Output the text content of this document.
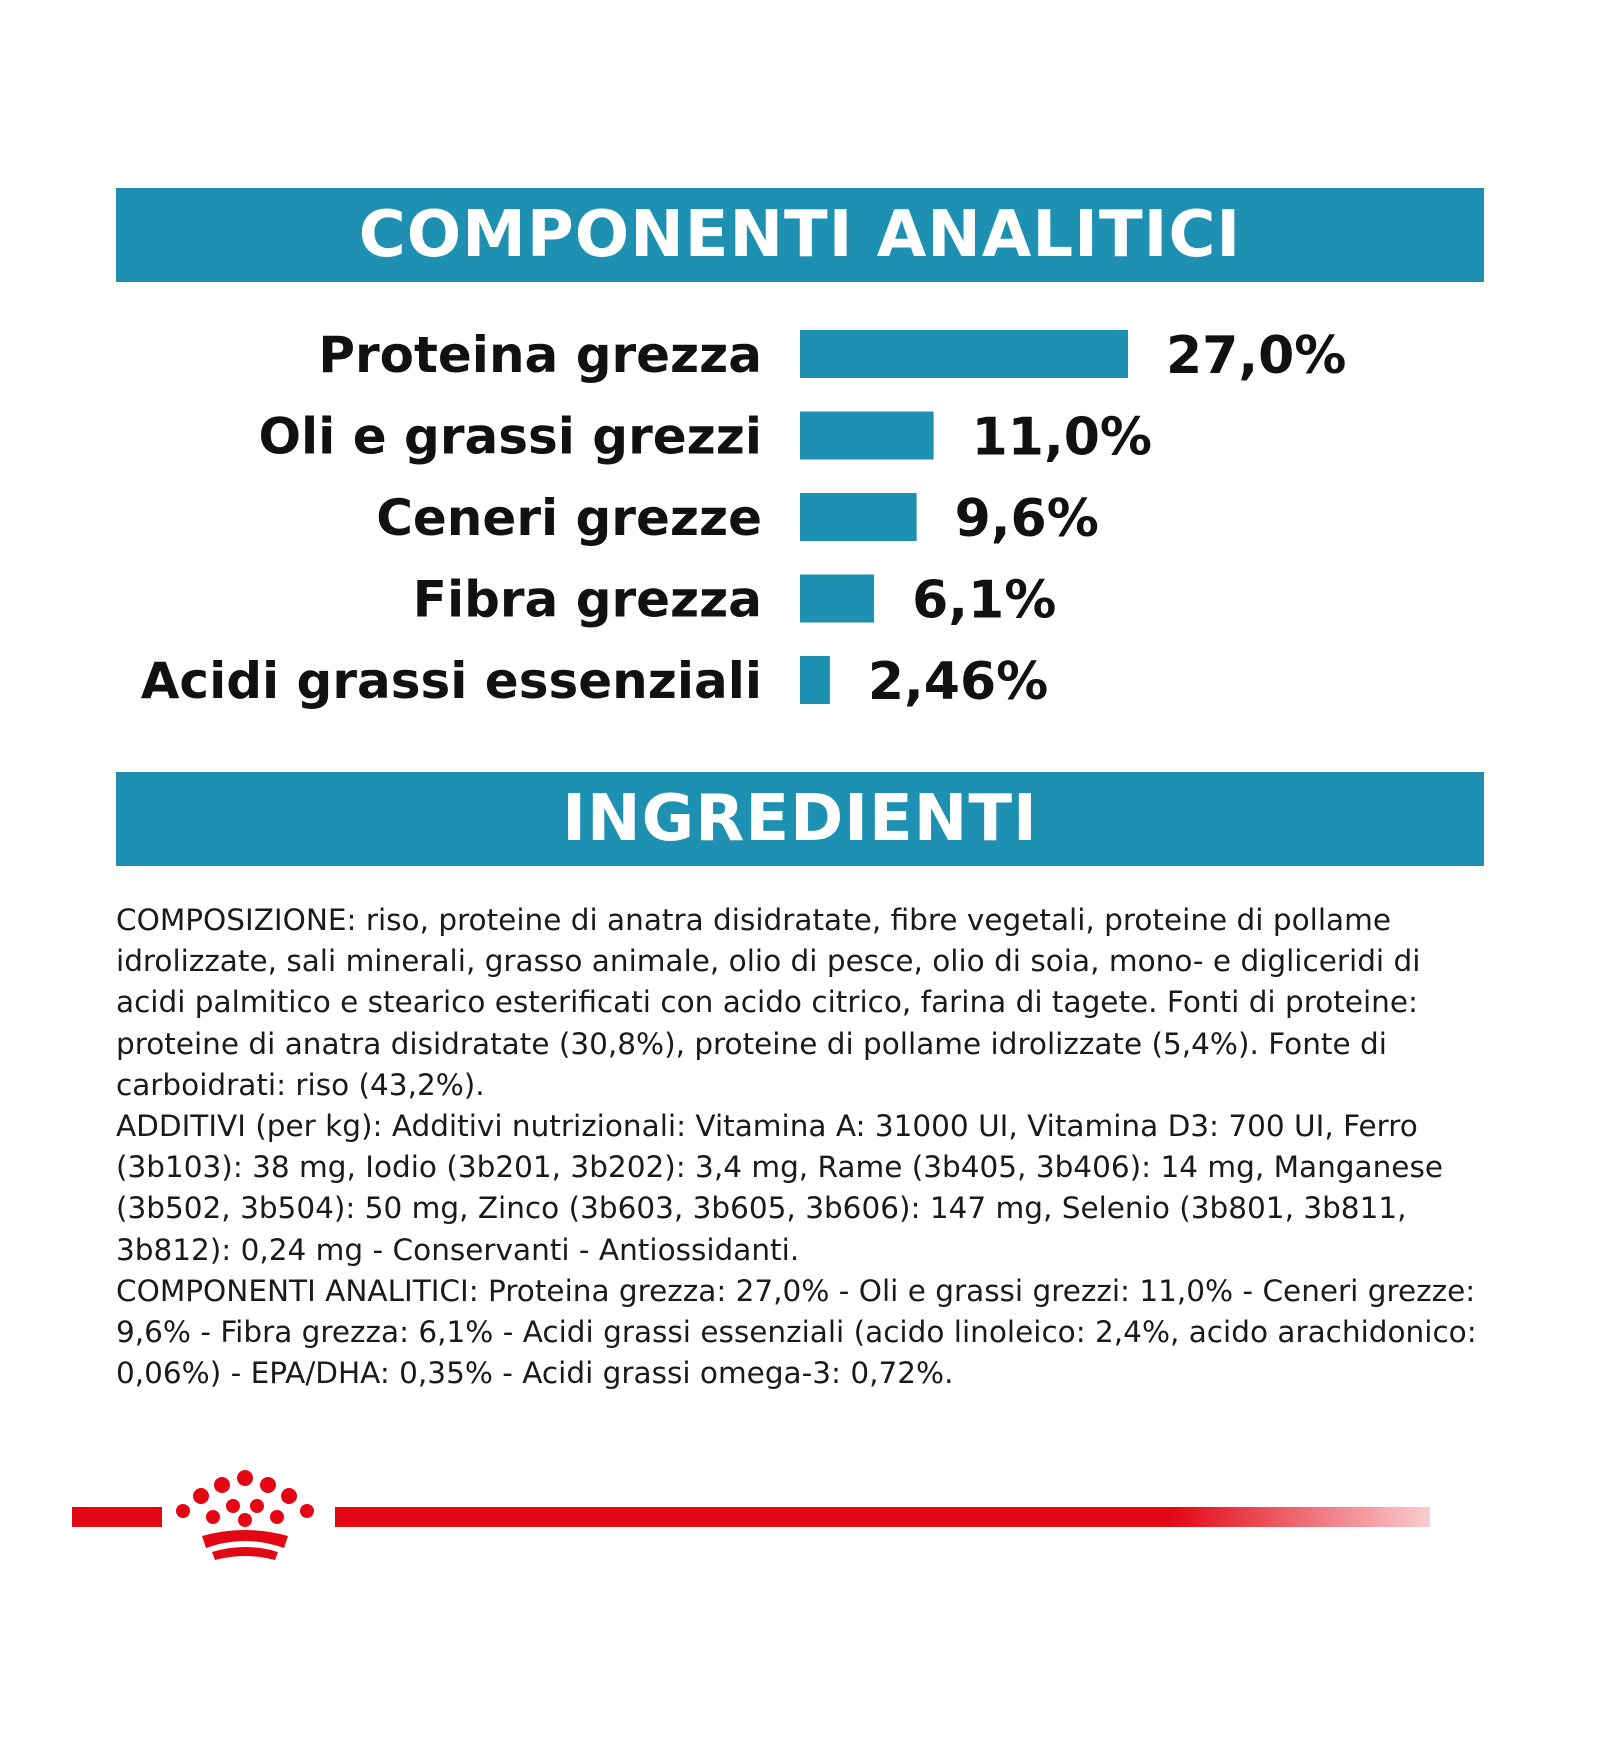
COMPONENTI ANALITICI
Proteina grezza	27,0%
Oli e grassi grezzi	11,0%
Ceneri grezze	9,6%
Fibra grezza	6,1%
Acidi grassi essenziali 2,46%
INGREDIENTI

COMPOSIZIONE: riso, proteine di anatra disidratate, fibre vegetali, proteine di pollame idrolizzate, sali minerali, grasso animale, olio di pesce, olio di soia, mono- e digliceridi di acidi palmitico e stearico esterificati con acido citrico, farina di tagete. Fonti di proteine: proteine di anatra disidratate (30,8%), proteine di pollame idrolizzate (5,4%). Fonte di carboidrati: riso (43,2%).

ADDITIVI (per kg): Additivi nutrizionali: Vitamina A: 31000 UI, Vitamina D3: 700 UI, Ferro (3b103): 38 mg, Iodio (3b201, 3b202): 3,4 mg, Rame (3b405, 3b406): 14 mg, Manganese (3b502, 3b504): 50 mg, Zinco (3b603, 3b605, 3b606): 147 mg, Selenio (3b801, 3b811, 3b812): 0,24 mg - Conservanti - Antiossidanti.

COMPONENTI ANALITICI: Proteina grezza: 27,0% - Oli e grassi grezzi: 11,0% - Ceneri grezze: 9,6% - Fibra grezza: 6,1% - Acidi grassi essenziali (acido linoleico: 2,4%, acido arachidonico: 0,06%) - EPA/DHA: 0,35% - Acidi grassi omega-3: 0,72%.
